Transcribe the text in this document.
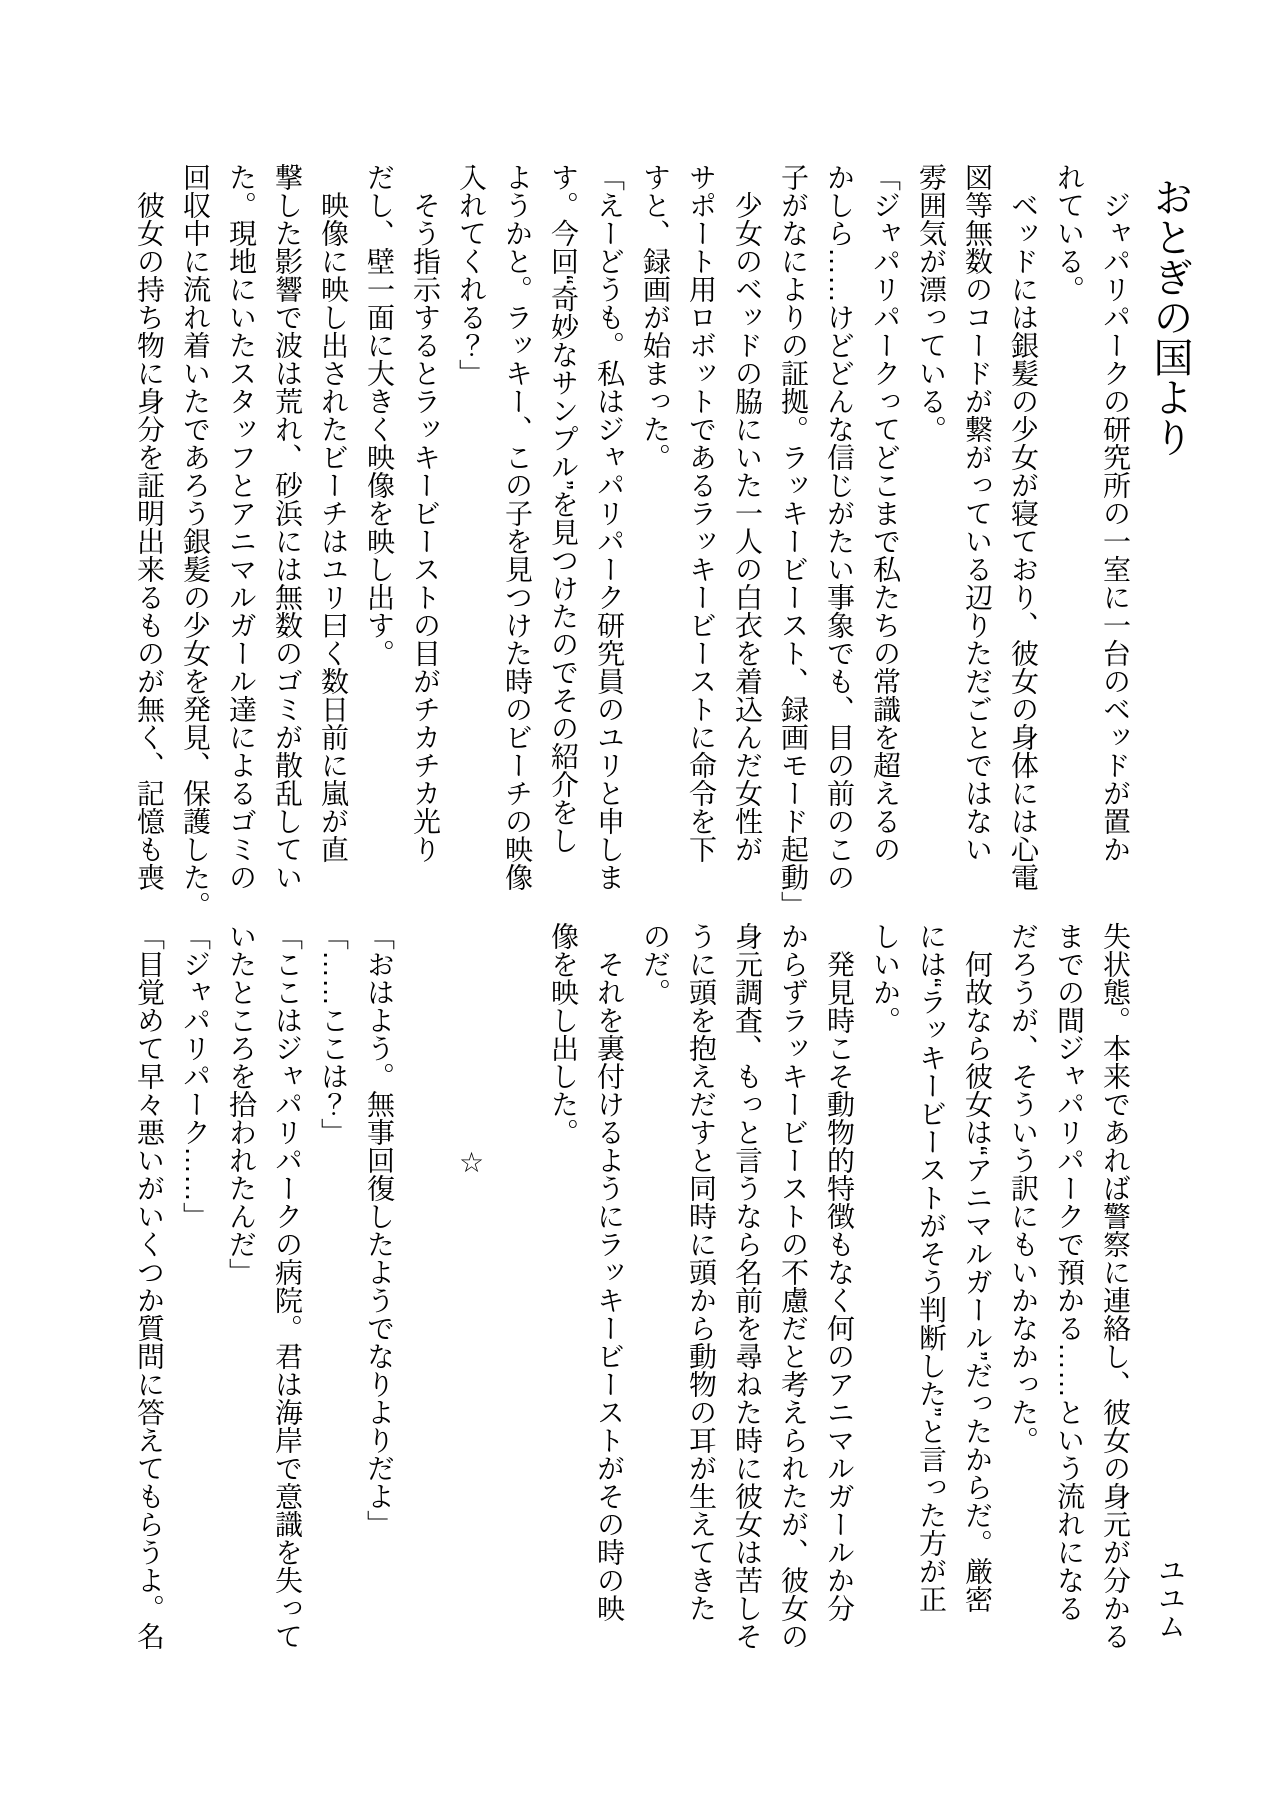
おとぎの国より

　ジャパリパークの研究所の一室に一台のベッドが置か

れている。

　ベッドには銀髪の少女が寝ており、彼女の身体には心電

図等無数のコードが繋がっている辺りただごとではない

雰囲気が漂っている。

「ジャパリパークってどこまで私たちの常識を超えるの

かしら……けどどんな信じがたい事象でも、目の前のこの

子がなによりの証拠。ラッキービースト、録画モード起動」

　少女のベッドの脇にいた一人の白衣を着込んだ女性が

サポート用ロボットであるラッキービーストに命令を下

すと、録画が始まった。

「えーどうも。私はジャパリパーク研究員のユリと申しま

す。今回“奇妙なサンプル”を見つけたのでその紹介をし

ようかと。ラッキー、この子を見つけた時のビーチの映像

入れてくれる？」

　そう指示するとラッキービーストの目がチカチカ光り

だし、壁一面に大きく映像を映し出す。

　映像に映し出されたビーチはユリ曰く数日前に嵐が直

撃した影響で波は荒れ、砂浜には無数のゴミが散乱してい

た。現地にいたスタッフとアニマルガール達によるゴミの

回収中に流れ着いたであろう銀髪の少女を発見、保護した。

　彼女の持ち物に身分を証明出来るものが無く、記憶も喪

ユユム

失状態。本来であれば警察に連絡し、彼女の身元が分かる

までの間ジャパリパークで預かる……という流れになる

だろうが、そういう訳にもいかなかった。

　何故なら彼女は“アニマルガール”だったからだ。厳密

には“ラッキービーストがそう判断した”と言った方が正

しいか。

　発見時こそ動物的特徴もなく何のアニマルガールか分

からずラッキービーストの不慮だと考えられたが、彼女の

身元調査、もっと言うなら名前を尋ねた時に彼女は苦しそ

うに頭を抱えだすと同時に頭から動物の耳が生えてきた

のだ。

　それを裏付けるようにラッキービーストがその時の映

像を映し出した。

　　　　　　　　☆

「おはよう。無事回復したようでなりよりだよ」

「……ここは？」

「ここはジャパリパークの病院。君は海岸で意識を失って

いたところを拾われたんだ」

「ジャパリパーク……」

「目覚めて早々悪いがいくつか質問に答えてもらうよ。名
